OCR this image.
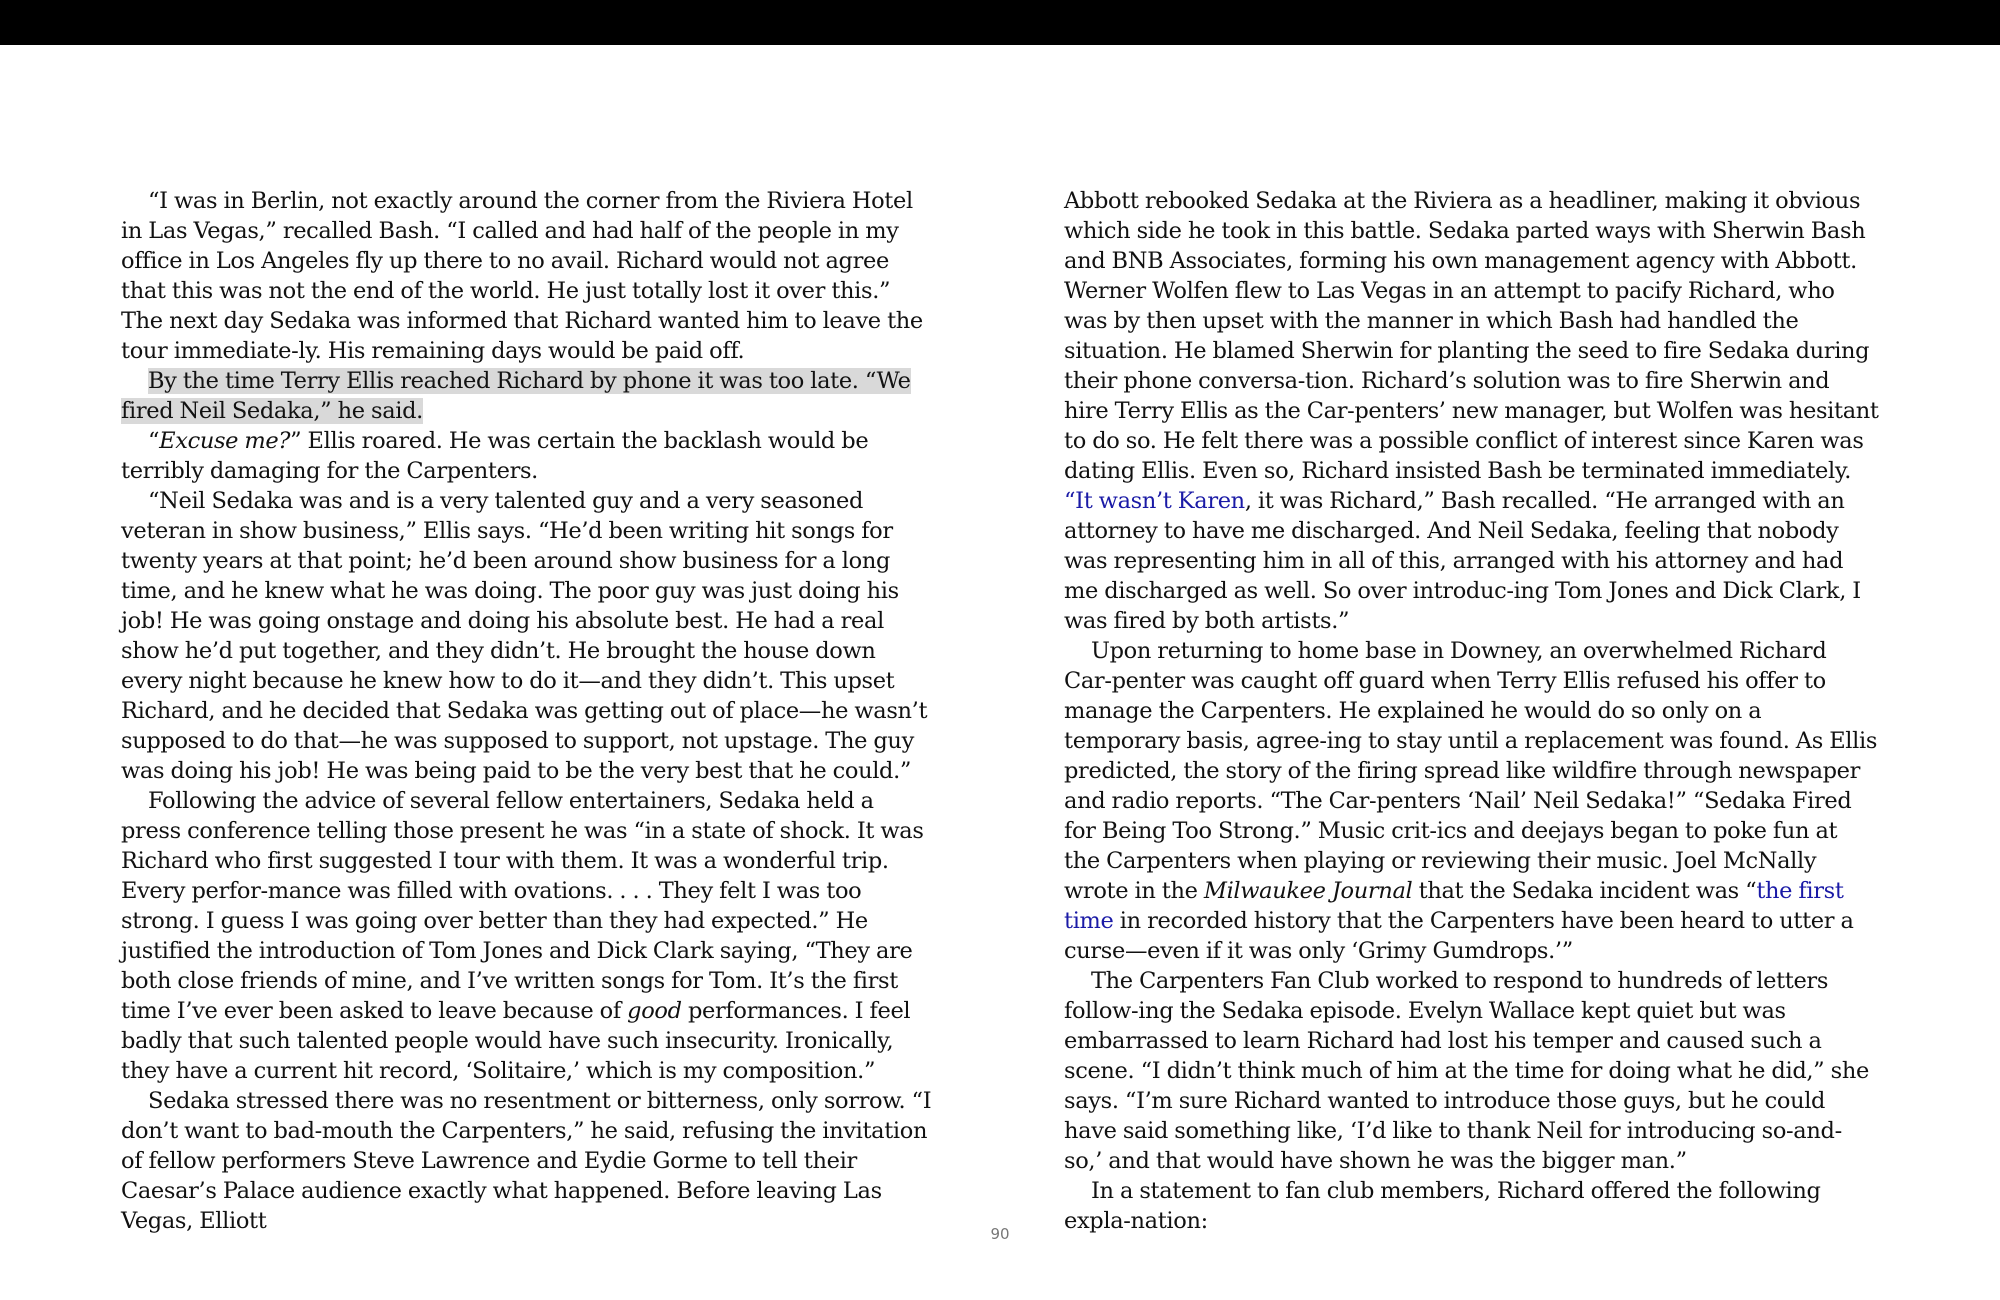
“I was in Berlin, not exactly around the corner from the Riviera Hotel in Las Vegas,” recalled Bash. “I called and had half of the people in my office in Los Angeles fly up there to no avail. Richard would not agree that this was not the end of the world. He just totally lost it over this.” The next day Sedaka was informed that Richard wanted him to leave the tour immediate-ly. His remaining days would be paid off.

By the time Terry Ellis reached Richard by phone it was too late. “We fired Neil Sedaka,” he said.

“Excuse me?” Ellis roared. He was certain the backlash would be terribly damaging for the Carpenters.

“Neil Sedaka was and is a very talented guy and a very seasoned veteran in show business,” Ellis says. “He’d been writing hit songs for twenty years at that point; he’d been around show business for a long time, and he knew what he was doing. The poor guy was just doing his job! He was going onstage and doing his absolute best. He had a real show he’d put together, and they didn’t. He brought the house down every night because he knew how to do it—and they didn’t. This upset Richard, and he decided that Sedaka was getting out of place—he wasn’t supposed to do that—he was supposed to support, not upstage. The guy was doing his job! He was being paid to be the very best that he could.”

Following the advice of several fellow entertainers, Sedaka held a press conference telling those present he was “in a state of shock. It was Richard who first suggested I tour with them. It was a wonderful trip. Every perfor-mance was filled with ovations. . . . They felt I was too strong. I guess I was going over better than they had expected.” He justified the introduction of Tom Jones and Dick Clark saying, “They are both close friends of mine, and I’ve written songs for Tom. It’s the first time I’ve ever been asked to leave because of good performances. I feel badly that such talented people would have such insecurity. Ironically, they have a current hit record, ‘Solitaire,’ which is my composition.”

Sedaka stressed there was no resentment or bitterness, only sorrow. “I don’t want to bad-mouth the Carpenters,” he said, refusing the invitation of fellow performers Steve Lawrence and Eydie Gorme to tell their Caesar’s Palace audience exactly what happened. Before leaving Las Vegas, Elliott

Abbott rebooked Sedaka at the Riviera as a headliner, making it obvious which side he took in this battle. Sedaka parted ways with Sherwin Bash and BNB Associates, forming his own management agency with Abbott. Werner Wolfen flew to Las Vegas in an attempt to pacify Richard, who was by then upset with the manner in which Bash had handled the situation. He blamed Sherwin for planting the seed to fire Sedaka during their phone conversa-tion. Richard’s solution was to fire Sherwin and hire Terry Ellis as the Car-penters’ new manager, but Wolfen was hesitant to do so. He felt there was a possible conflict of interest since Karen was dating Ellis. Even so, Richard insisted Bash be terminated immediately. “It wasn’t Karen, it was Richard,” Bash recalled. “He arranged with an attorney to have me discharged. And Neil Sedaka, feeling that nobody was representing him in all of this, arranged with his attorney and had me discharged as well. So over introduc-ing Tom Jones and Dick Clark, I was fired by both artists.”

Upon returning to home base in Downey, an overwhelmed Richard Car-penter was caught off guard when Terry Ellis refused his offer to manage the Carpenters. He explained he would do so only on a temporary basis, agree-ing to stay until a replacement was found. As Ellis predicted, the story of the firing spread like wildfire through newspaper and radio reports. “The Car-penters ‘Nail’ Neil Sedaka!” “Sedaka Fired for Being Too Strong.” Music crit-ics and deejays began to poke fun at the Carpenters when playing or reviewing their music. Joel McNally wrote in the Milwaukee Journal that the Sedaka incident was “the first time in recorded history that the Carpenters have been heard to utter a curse—even if it was only ‘Grimy Gumdrops.’”

The Carpenters Fan Club worked to respond to hundreds of letters follow-ing the Sedaka episode. Evelyn Wallace kept quiet but was embarrassed to learn Richard had lost his temper and caused such a scene. “I didn’t think much of him at the time for doing what he did,” she says. “I’m sure Richard wanted to introduce those guys, but he could have said something like, ‘I’d like to thank Neil for introducing so-and-so,’ and that would have shown he was the bigger man.”

In a statement to fan club members, Richard offered the following expla-nation:

90
